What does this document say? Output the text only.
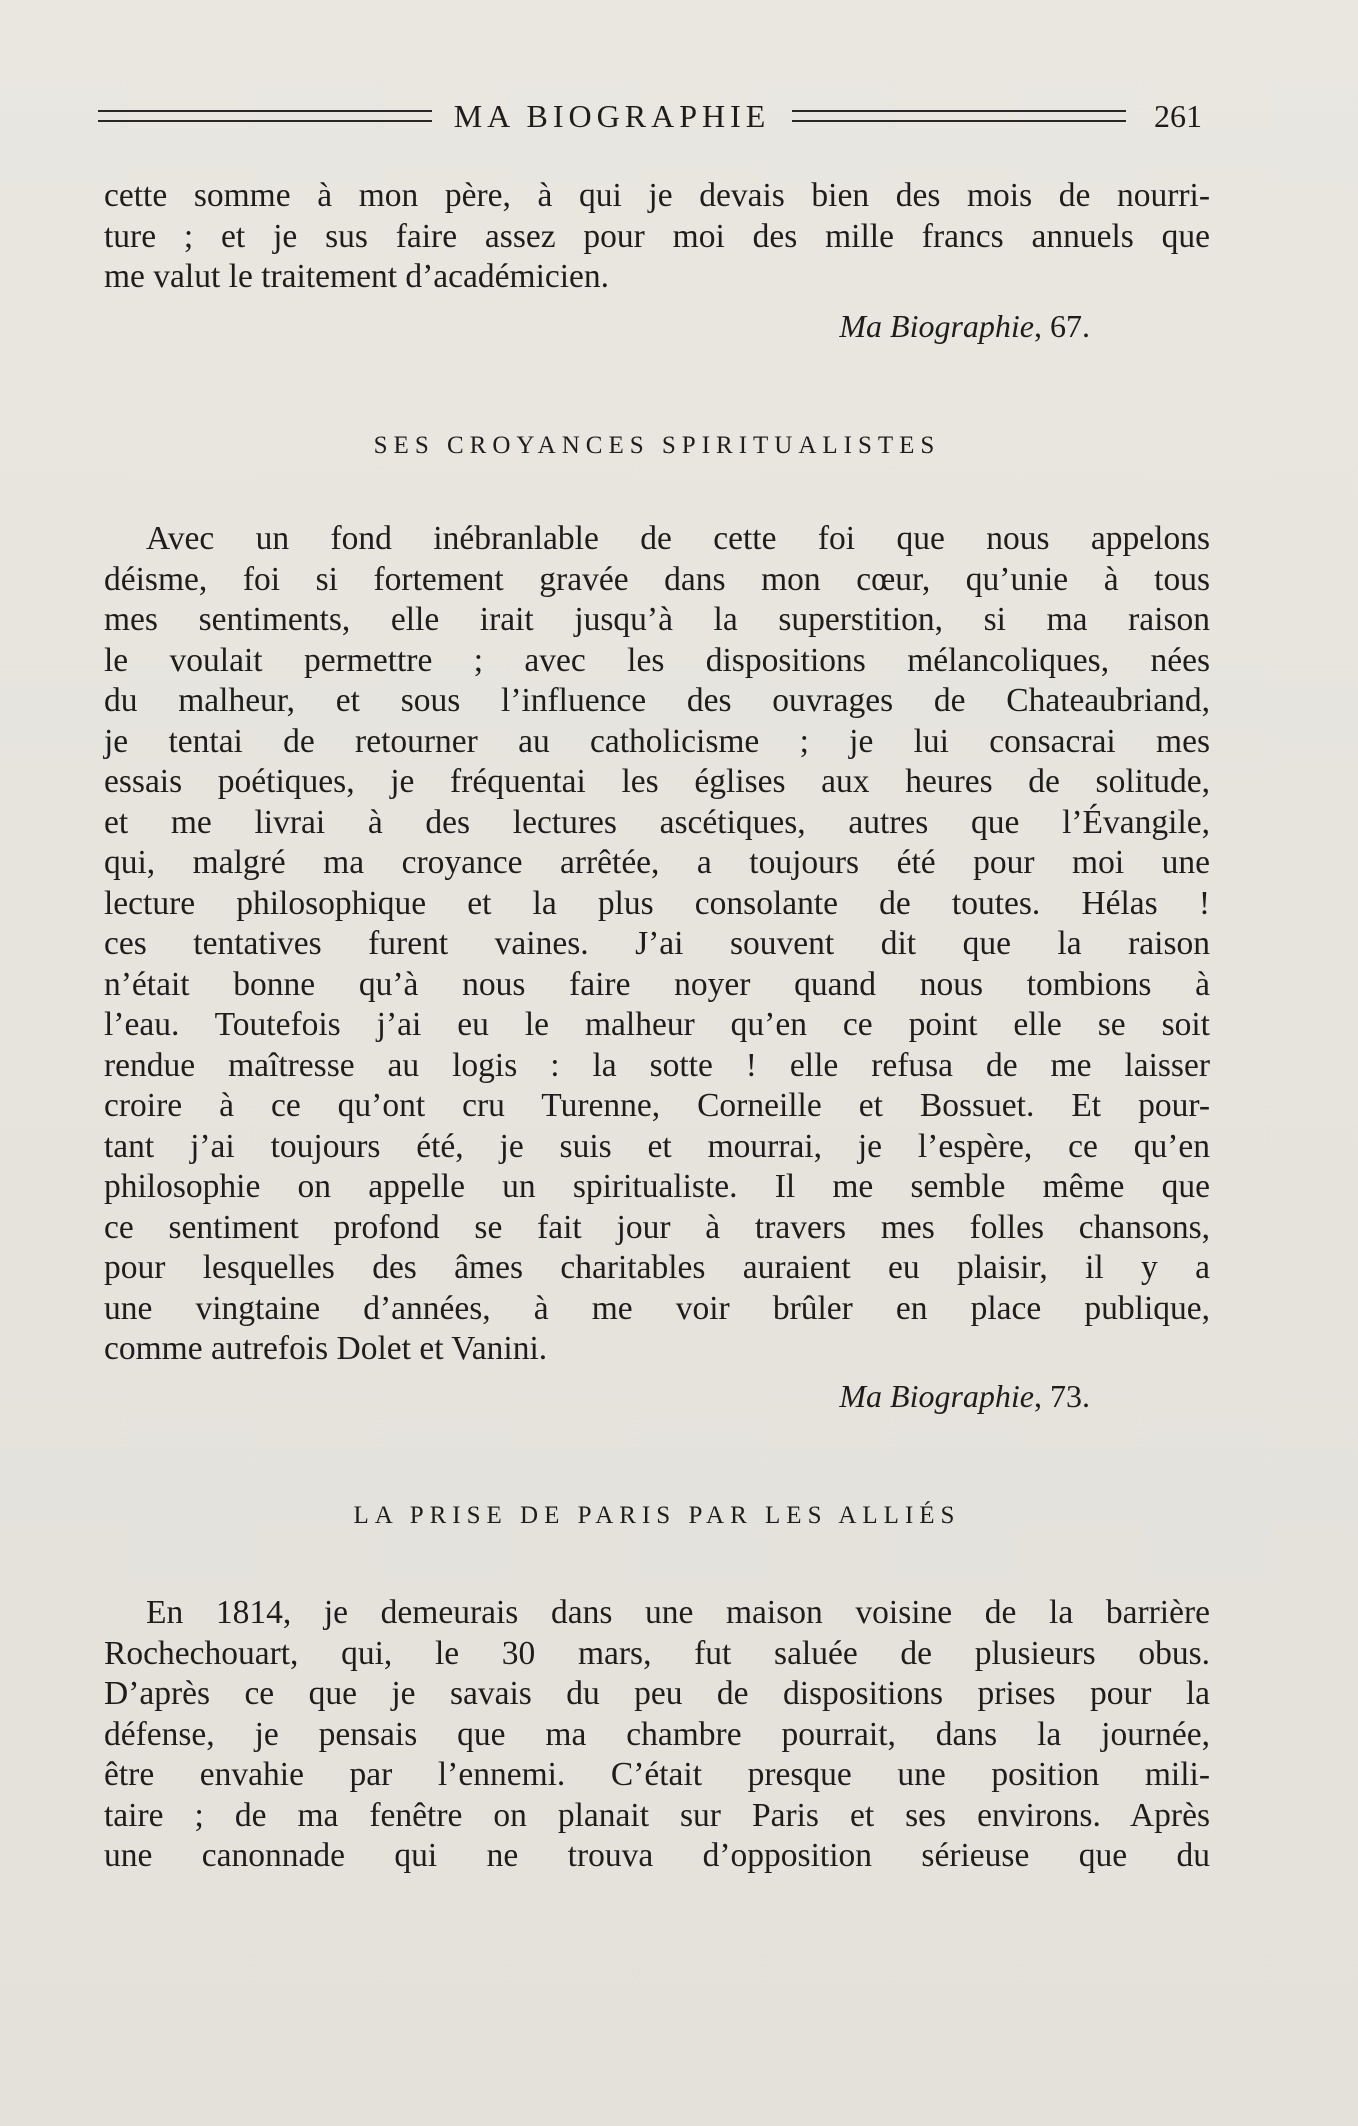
MA BIOGRAPHIE	261

cette somme à mon père, à qui je devais bien des mois de nourri-
ture ; et je sus faire assez pour moi des mille francs annuels que
me valut le traitement d’académicien.

Ma Biographie, 67.
SES CROYANCES SPIRITUALISTES

Avec un fond inébranlable de cette foi que nous appelons
déisme, foi si fortement gravée dans mon cœur, qu’unie à tous
mes sentiments, elle irait jusqu’à la superstition, si ma raison
le voulait permettre ; avec les dispositions mélancoliques, nées
du malheur, et sous l’influence des ouvrages de Chateaubriand,
je tentai de retourner au catholicisme ; je lui consacrai mes
essais poétiques, je fréquentai les églises aux heures de solitude,
et me livrai à des lectures ascétiques, autres que l’Évangile,
qui, malgré ma croyance arrêtée, a toujours été pour moi une
lecture philosophique et la plus consolante de toutes. Hélas !
ces tentatives furent vaines. J’ai souvent dit que la raison
n’était bonne qu’à nous faire noyer quand nous tombions à
l’eau. Toutefois j’ai eu le malheur qu’en ce point elle se soit
rendue maîtresse au logis : la sotte ! elle refusa de me laisser
croire à ce qu’ont cru Turenne, Corneille et Bossuet. Et pour-
tant j’ai toujours été, je suis et mourrai, je l’espère, ce qu’en
philosophie on appelle un spiritualiste. Il me semble même que
ce sentiment profond se fait jour à travers mes folles chansons,
pour lesquelles des âmes charitables auraient eu plaisir, il y a
une vingtaine d’années, à me voir brûler en place publique,
comme autrefois Dolet et Vanini.

Ma Biographie, 73.
LA PRISE DE PARIS PAR LES ALLIÉS

En 1814, je demeurais dans une maison voisine de la barrière
Rochechouart, qui, le 30 mars, fut saluée de plusieurs obus.
D’après ce que je savais du peu de dispositions prises pour la
défense, je pensais que ma chambre pourrait, dans la journée,
être envahie par l’ennemi. C’était presque une position mili-
taire ; de ma fenêtre on planait sur Paris et ses environs. Après
une canonnade qui ne trouva d’opposition sérieuse que du
